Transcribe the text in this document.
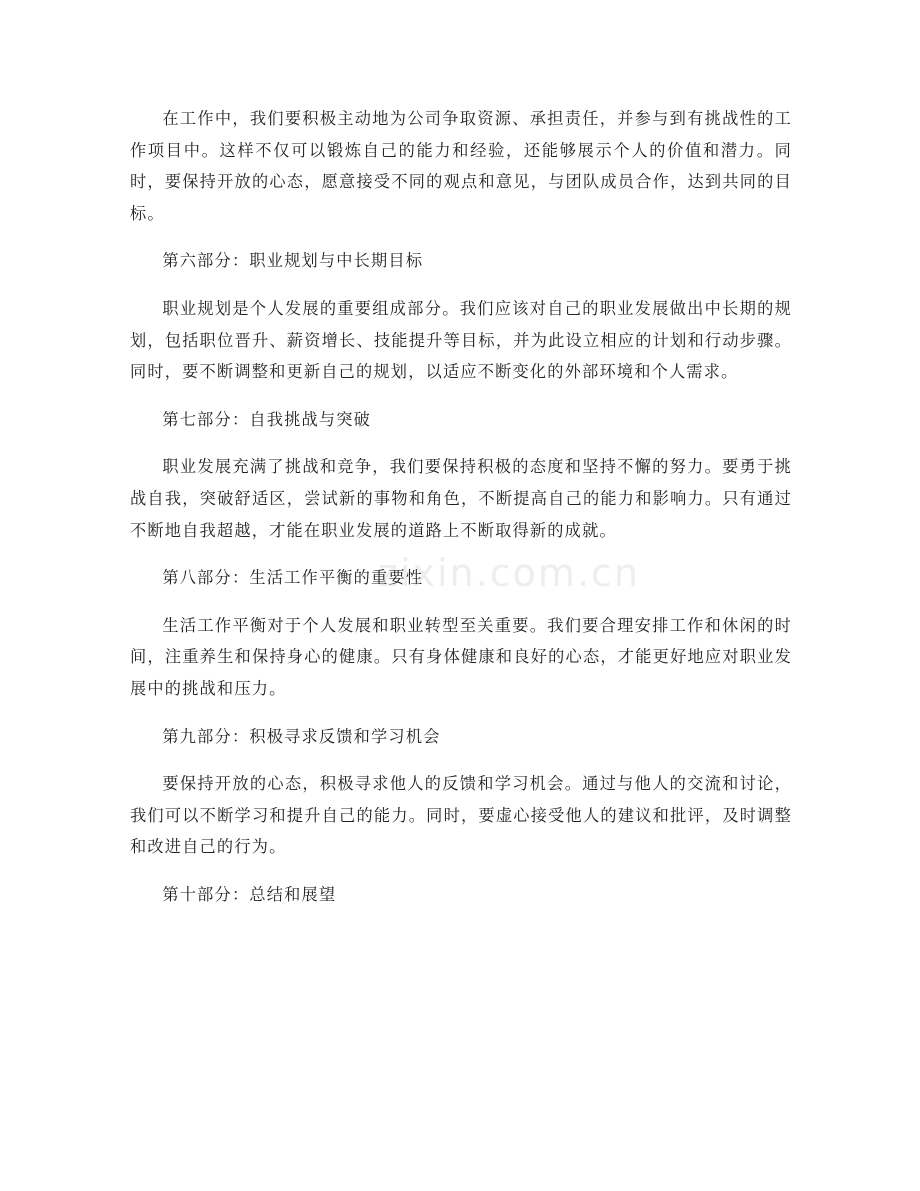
在工作中，我们要积极主动地为公司争取资源、承担责任，并参与到有挑战性的工作项目中。这样不仅可以锻炼自己的能力和经验，还能够展示个人的价值和潜力。同时，要保持开放的心态，愿意接受不同的观点和意见，与团队成员合作，达到共同的目标。

第六部分：职业规划与中长期目标

职业规划是个人发展的重要组成部分。我们应该对自己的职业发展做出中长期的规划，包括职位晋升、薪资增长、技能提升等目标，并为此设立相应的计划和行动步骤。同时，要不断调整和更新自己的规划，以适应不断变化的外部环境和个人需求。

第七部分：自我挑战与突破

职业发展充满了挑战和竞争，我们要保持积极的态度和坚持不懈的努力。要勇于挑战自我，突破舒适区，尝试新的事物和角色，不断提高自己的能力和影响力。只有通过不断地自我超越，才能在职业发展的道路上不断取得新的成就。

第八部分：生活工作平衡的重要性

生活工作平衡对于个人发展和职业转型至关重要。我们要合理安排工作和休闲的时间，注重养生和保持身心的健康。只有身体健康和良好的心态，才能更好地应对职业发展中的挑战和压力。

第九部分：积极寻求反馈和学习机会

要保持开放的心态，积极寻求他人的反馈和学习机会。通过与他人的交流和讨论，我们可以不断学习和提升自己的能力。同时，要虚心接受他人的建议和批评，及时调整和改进自己的行为。

第十部分：总结和展望

zixin.com.cn
